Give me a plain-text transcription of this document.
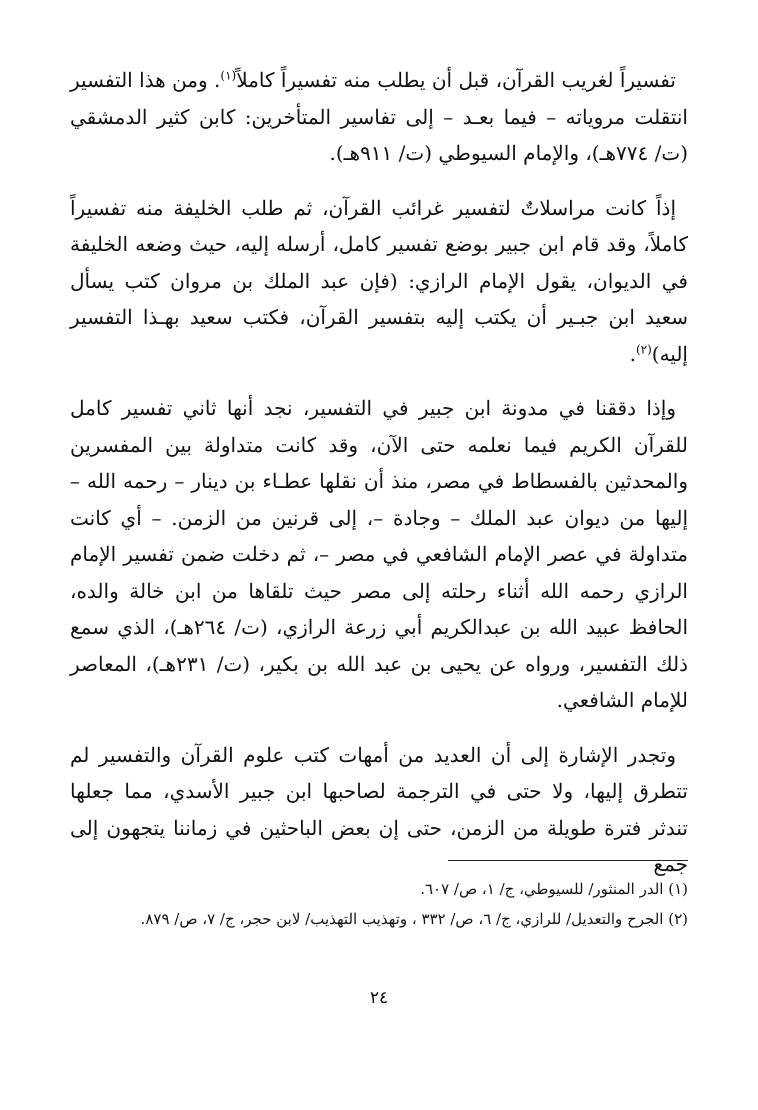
تفسيراً لغريب القرآن، قبل أن يطلب منه تفسيراً كاملاً$^{(١)}$. ومن هذا التفسير انتقلت مروياته – فيما بعـد – إلى تفاسير المتأخرين: كابن كثير الدمشقي (ت/ ٧٧٤هـ)، والإمام السيوطي (ت/ ٩١١هـ).

إذاً كانت مراسلاتٌ لتفسير غرائب القرآن، ثم طلب الخليفة منه تفسيراً كاملاً، وقد قام ابن جبير بوضع تفسير كامل، أرسله إليه، حيث وضعه الخليفة في الديوان، يقول الإمام الرازي: (فإن عبد الملك بن مروان كتب يسأل سعيد ابن جبـير أن يكتب إليه بتفسير القرآن، فكتب سعيد بهـذا التفسير إليه)$^{(٢)}$.

وإذا دققنا في مدونة ابن جبير في التفسير، نجد أنها ثاني تفسير كامل للقرآن الكريم فيما نعلمه حتى الآن، وقد كانت متداولة بين المفسرين والمحدثين بالفسطاط في مصر، منذ أن نقلها عطـاء بن دينار – رحمه الله – إليها من ديوان عبد الملك – وجادة –، إلى قرنين من الزمن. – أي كانت متداولة في عصر الإمام الشافعي في مصر –، ثم دخلت ضمن تفسير الإمام الرازي رحمه الله أثناء رحلته إلى مصر حيث تلقاها من ابن خالة والده، الحافظ عبيد الله بن عبدالكريم أبي زرعة الرازي، (ت/ ٢٦٤هـ)، الذي سمع ذلك التفسير، ورواه عن يحيى بن عبد الله بن بكير، (ت/ ٢٣١هـ)، المعاصر للإمام الشافعي.

وتجدر الإشارة إلى أن العديد من أمهات كتب علوم القرآن والتفسير لم تتطرق إليها، ولا حتى في الترجمة لصاحبها ابن جبير الأسدي، مما جعلها تندثر فترة طويلة من الزمن، حتى إن بعض الباحثين في زماننا يتجهون إلى جمع

(١) الدر المنثور/ للسيوطي، ج/ ١، ص/ ٦٠٧.

(٢) الجرح والتعديل/ للرازي، ج/ ٦، ص/ ٣٣٢ ، وتهذيب التهذيب/ لابن حجر، ج/ ٧، ص/ ٨٧٩.

٢٤
